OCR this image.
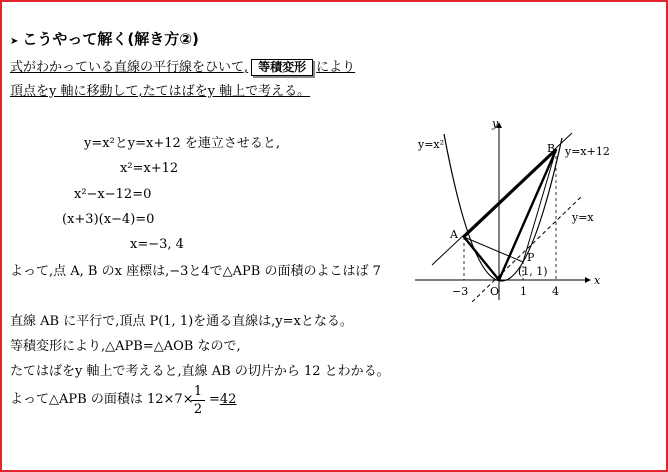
➤ こうやって解く(解き方②)
式がわかっている直線の平行線をひいて, 等積変形 により
頂点をy 軸に移動して,たてはばをy 軸上で考える。
y=x²とy=x+12 を連立させると,
x²=x+12
x²−x−12=0
(x+3)(x−4)=0
x=−3, 4
よって,点 A, B のx 座標は,−3と4で△APB の面積のよこはば 7
直線 AB に平行で,頂点 P(1, 1)を通る直線は,y=xとなる。
等積変形により,△APB=△AOB なので,
たてはばをy 軸上で考えると,直線 AB の切片から 12 とわかる。
よって△APB の面積は 12×7×
1
2
=42
y
x
y=x²
y=x+12
y=x
A
B
P
(1, 1)
O
−3	1 4
